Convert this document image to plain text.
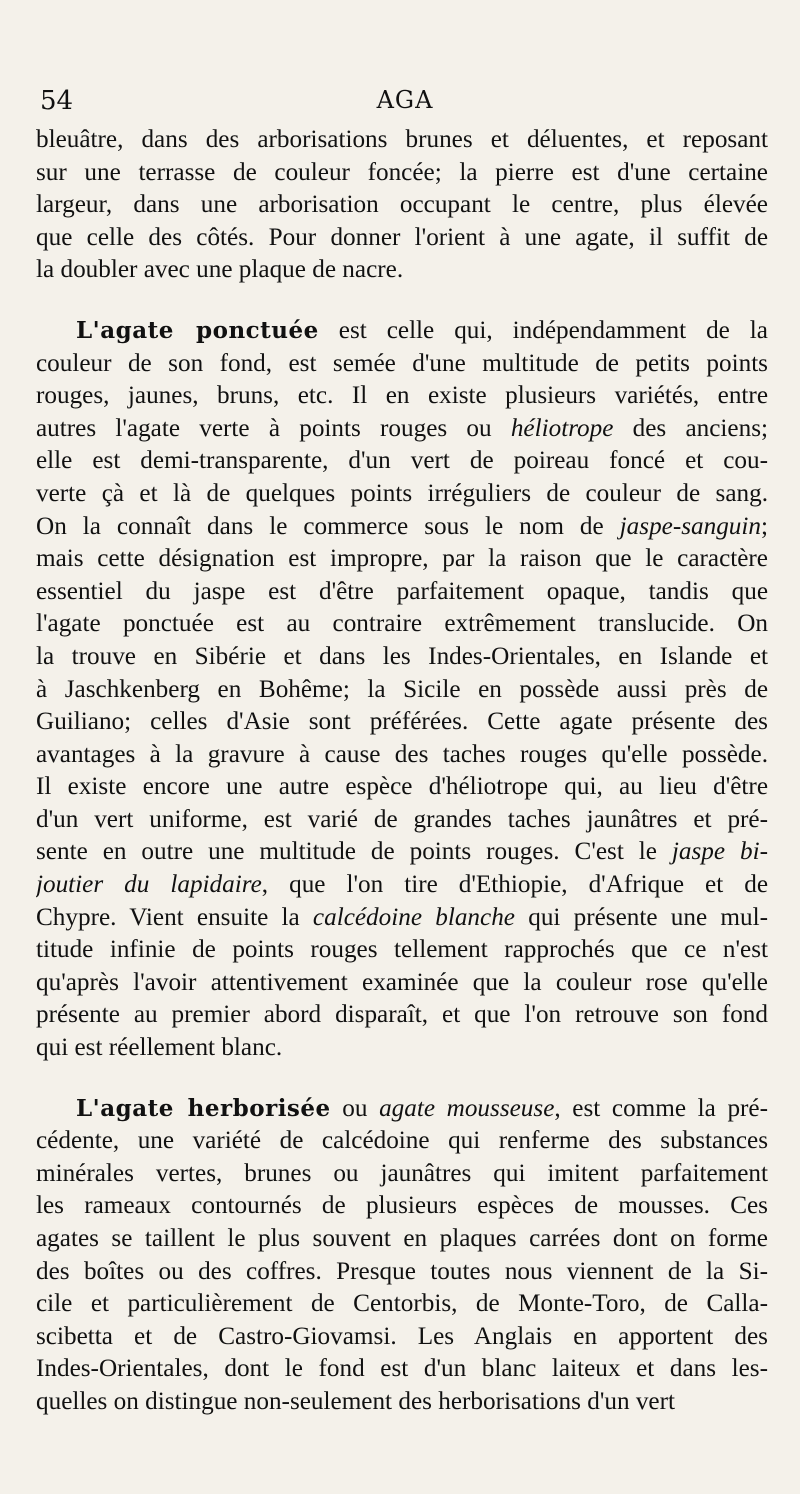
54	AGA
bleuâtre, dans des arborisations brunes et déluentes, et reposant
sur une terrasse de couleur foncée; la pierre est d'une certaine
largeur, dans une arborisation occupant le centre, plus élevée
que celle des côtés. Pour donner l'orient à une agate, il suffit de
la doubler avec une plaque de nacre.
L'agate ponctuée est celle qui, indépendamment de la
couleur de son fond, est semée d'une multitude de petits points
rouges, jaunes, bruns, etc. Il en existe plusieurs variétés, entre
autres l'agate verte à points rouges ou héliotrope des anciens;
elle est demi-transparente, d'un vert de poireau foncé et cou-
verte çà et là de quelques points irréguliers de couleur de sang.
On la connaît dans le commerce sous le nom de jaspe-sanguin;
mais cette désignation est impropre, par la raison que le caractère
essentiel du jaspe est d'être parfaitement opaque, tandis que
l'agate ponctuée est au contraire extrêmement translucide. On
la trouve en Sibérie et dans les Indes-Orientales, en Islande et
à Jaschkenberg en Bohême; la Sicile en possède aussi près de
Guiliano; celles d'Asie sont préférées. Cette agate présente des
avantages à la gravure à cause des taches rouges qu'elle possède.
Il existe encore une autre espèce d'héliotrope qui, au lieu d'être
d'un vert uniforme, est varié de grandes taches jaunâtres et pré-
sente en outre une multitude de points rouges. C'est le jaspe bi-
joutier du lapidaire, que l'on tire d'Ethiopie, d'Afrique et de
Chypre. Vient ensuite la calcédoine blanche qui présente une mul-
titude infinie de points rouges tellement rapprochés que ce n'est
qu'après l'avoir attentivement examinée que la couleur rose qu'elle
présente au premier abord disparaît, et que l'on retrouve son fond
qui est réellement blanc.
L'agate herborisée ou agate mousseuse, est comme la pré-
cédente, une variété de calcédoine qui renferme des substances
minérales vertes, brunes ou jaunâtres qui imitent parfaitement
les rameaux contournés de plusieurs espèces de mousses. Ces
agates se taillent le plus souvent en plaques carrées dont on forme
des boîtes ou des coffres. Presque toutes nous viennent de la Si-
cile et particulièrement de Centorbis, de Monte-Toro, de Calla-
scibetta et de Castro-Giovamsi. Les Anglais en apportent des
Indes-Orientales, dont le fond est d'un blanc laiteux et dans les-
quelles on distingue non-seulement des herborisations d'un vert
